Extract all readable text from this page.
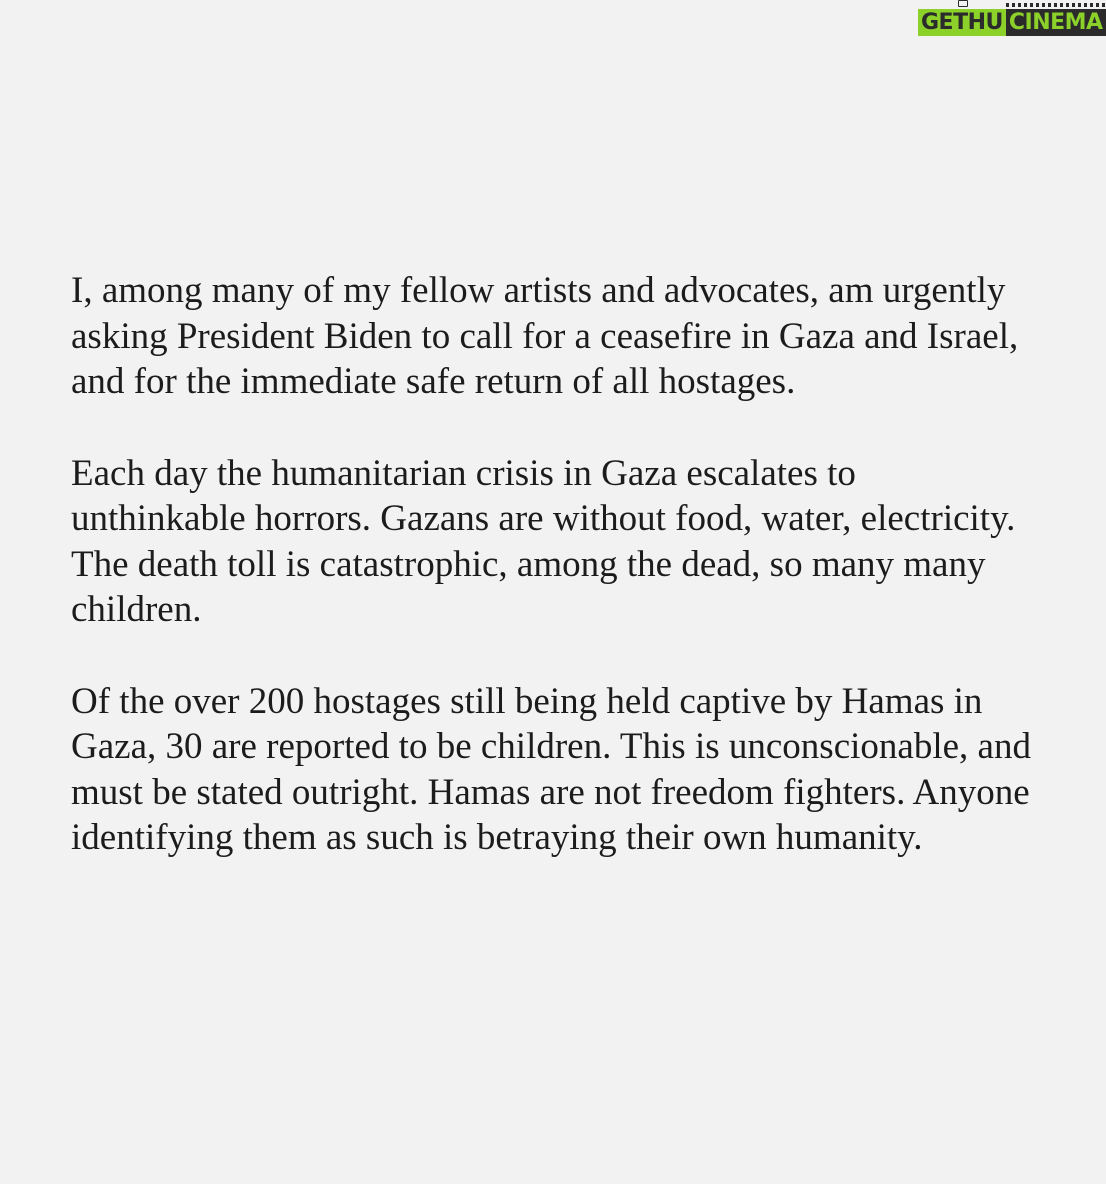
GETHU CINEMA

I, among many of my fellow artists and advocates, am urgently asking President Biden to call for a ceasefire in Gaza and Israel, and for the immediate safe return of all hostages.

Each day the humanitarian crisis in Gaza escalates to unthinkable horrors. Gazans are without food, water, electricity. The death toll is catastrophic, among the dead, so many many children.

Of the over 200 hostages still being held captive by Hamas in Gaza, 30 are reported to be children. This is unconscionable, and must be stated outright. Hamas are not freedom fighters. Anyone identifying them as such is betraying their own humanity.
